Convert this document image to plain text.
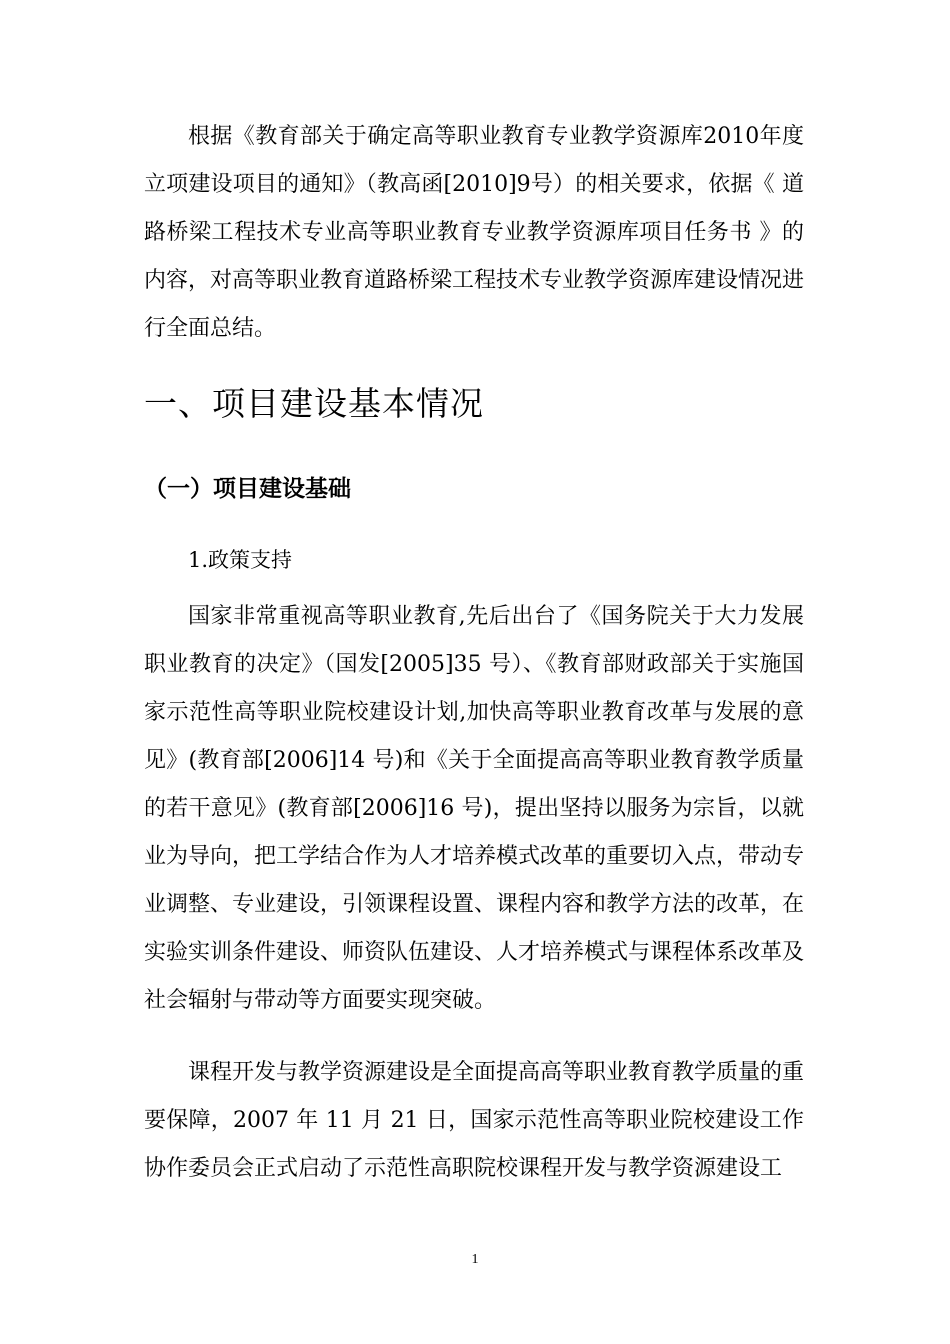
根据《教育部关于确定高等职业教育专业教学资源库2010年度立项建设项目的通知》（教高函[2010]9号）的相关要求，依据《 道路桥梁工程技术专业高等职业教育专业教学资源库项目任务书 》的内容，对高等职业教育道路桥梁工程技术专业教学资源库建设情况进行全面总结。

一、项目建设基本情况
（一）项目建设基础
1.政策支持

国家非常重视高等职业教育,先后出台了《国务院关于大力发展职业教育的决定》（国发[2005]35 号）、《教育部财政部关于实施国家示范性高等职业院校建设计划,加快高等职业教育改革与发展的意见》(教育部[2006]14 号)和《关于全面提高高等职业教育教学质量的若干意见》(教育部[2006]16 号)，提出坚持以服务为宗旨，以就业为导向，把工学结合作为人才培养模式改革的重要切入点，带动专业调整、专业建设，引领课程设置、课程内容和教学方法的改革，在实验实训条件建设、师资队伍建设、人才培养模式与课程体系改革及社会辐射与带动等方面要实现突破。

课程开发与教学资源建设是全面提高高等职业教育教学质量的重要保障，2007 年 11 月 21 日，国家示范性高等职业院校建设工作协作委员会正式启动了示范性高职院校课程开发与教学资源建设工

1
